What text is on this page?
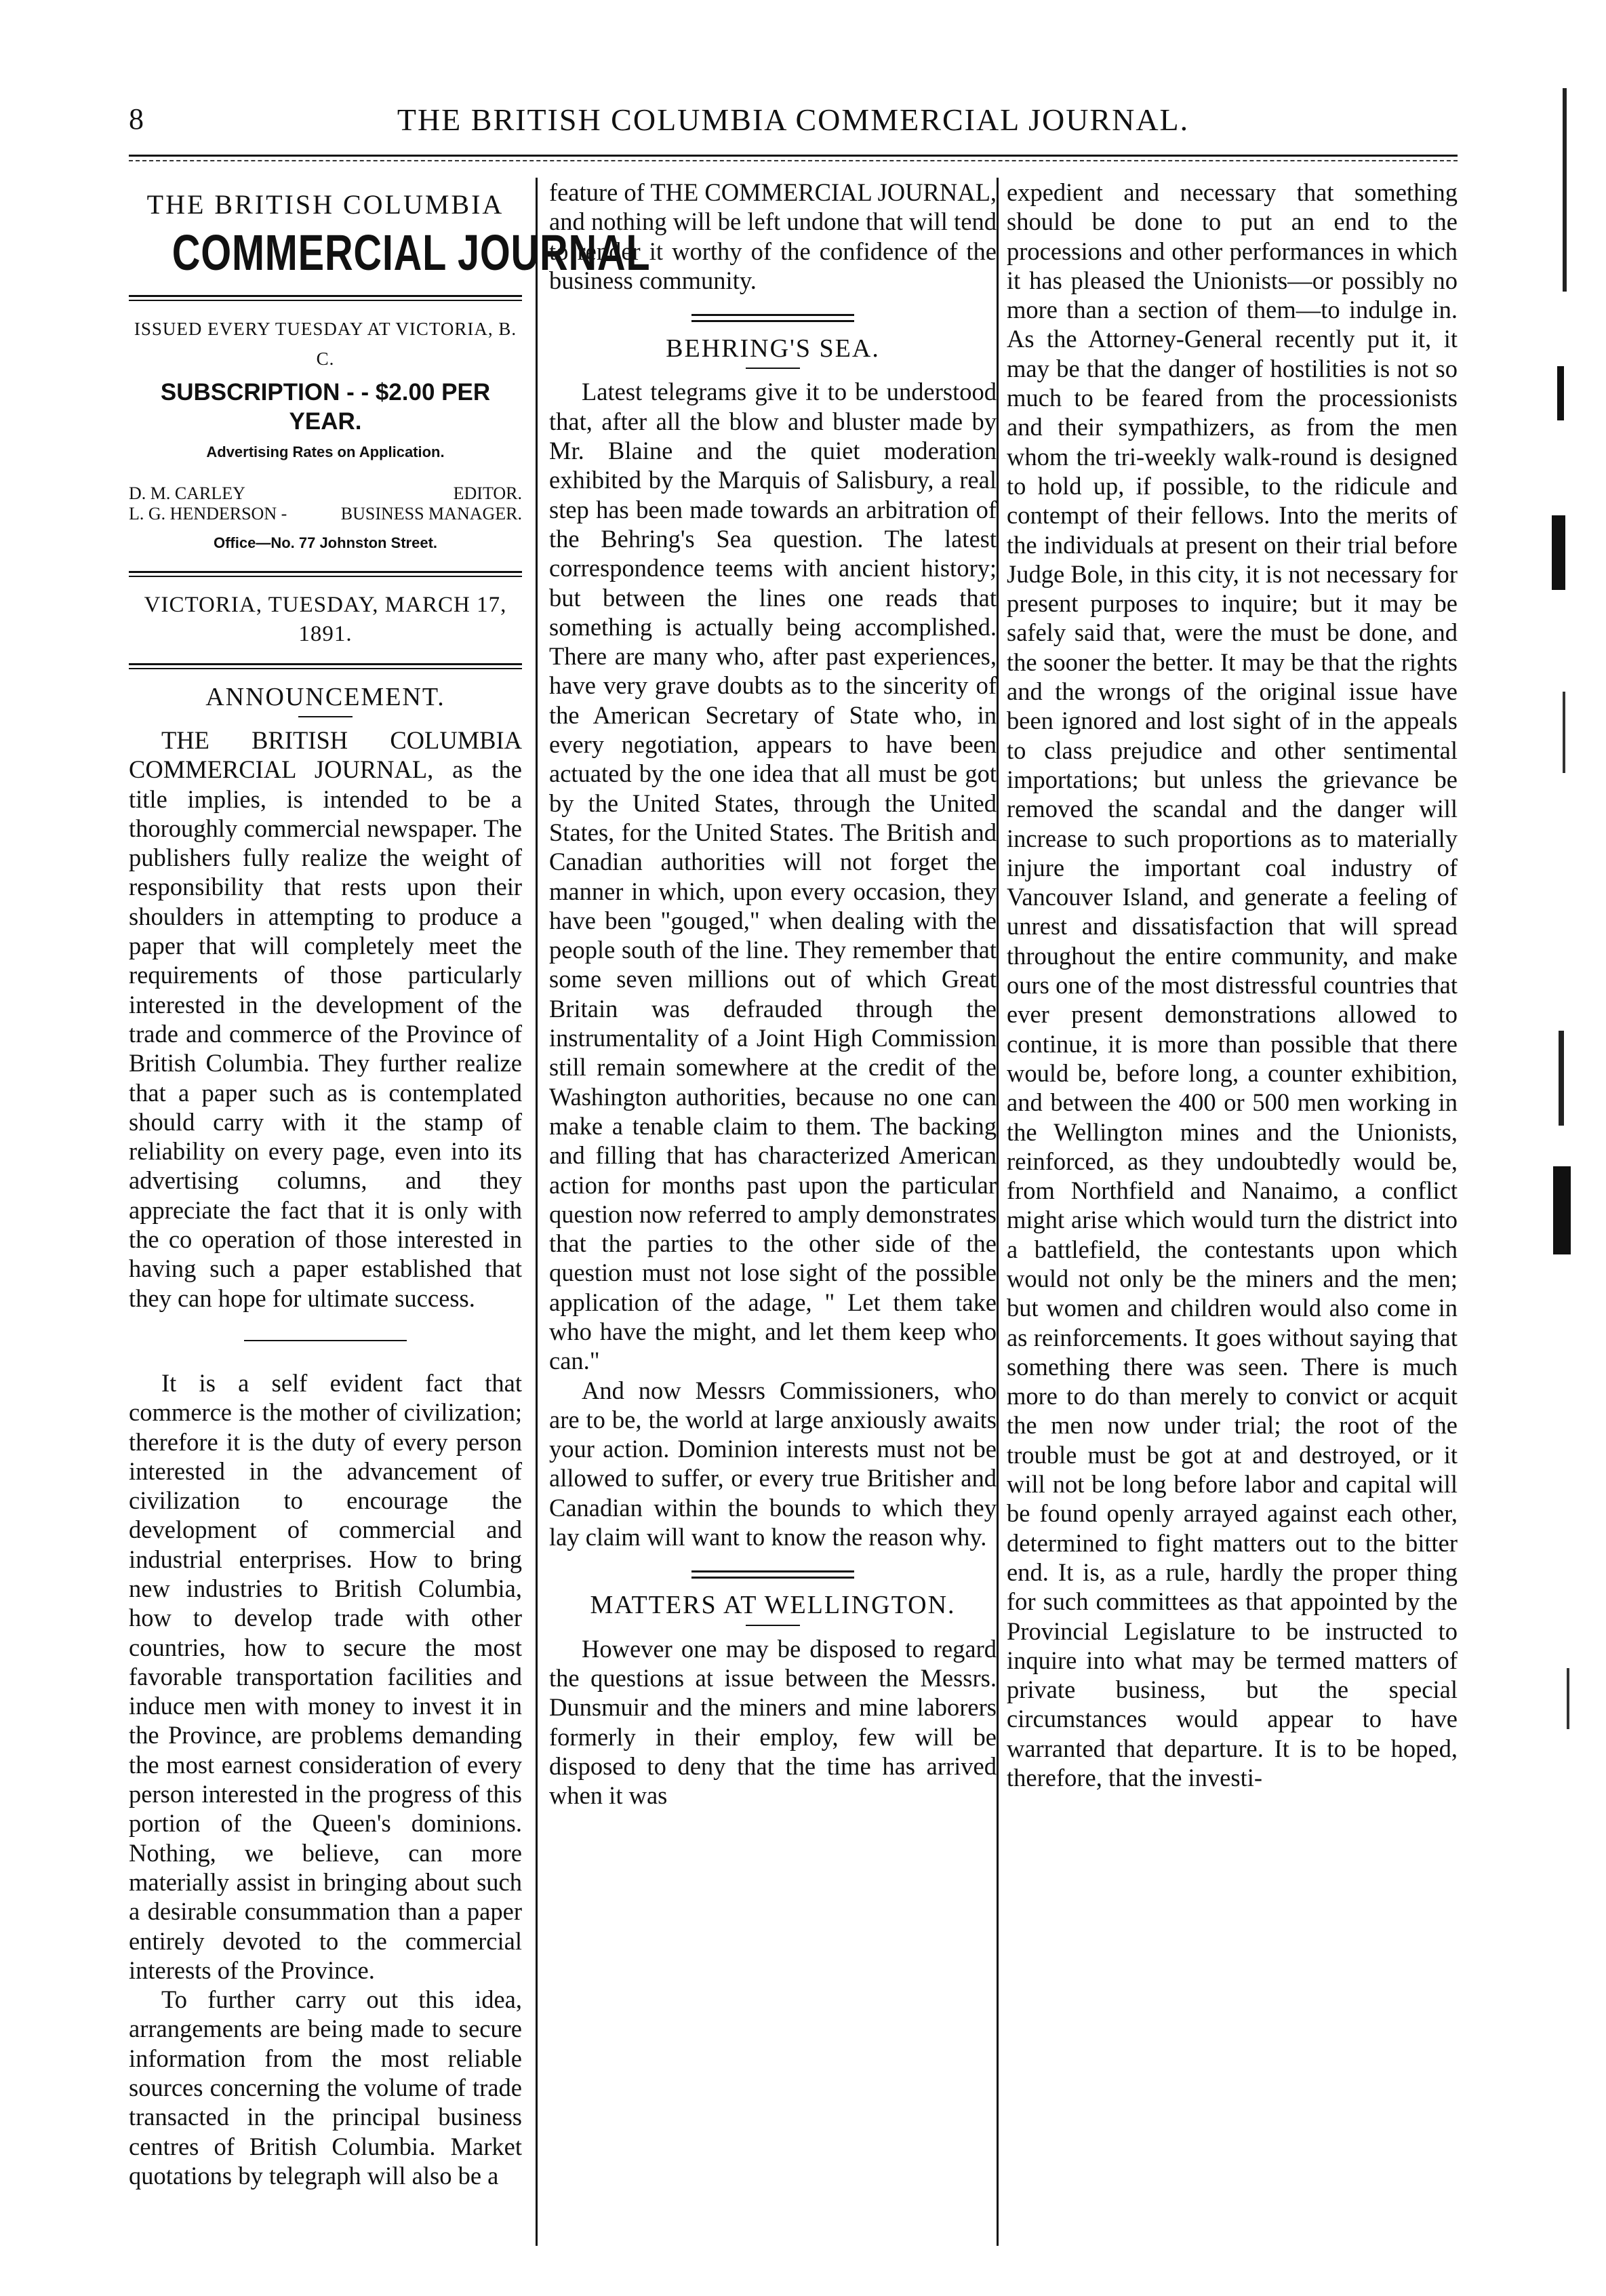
8	THE BRITISH COLUMBIA COMMERCIAL JOURNAL.
THE BRITISH COLUMBIA
COMMERCIAL JOURNAL
ISSUED EVERY TUESDAY AT VICTORIA, B. C.
SUBSCRIPTION - - $2.00 PER YEAR.
Advertising Rates on Application.
D. M. CARLEY	EDITOR.
L. G. HENDERSON -	BUSINESS MANAGER.
Office—No. 77 Johnston Street.
VICTORIA, TUESDAY, MARCH 17, 1891.
ANNOUNCEMENT.

THE BRITISH COLUMBIA COMMERCIAL JOURNAL, as the title implies, is intended to be a thoroughly commercial newspaper. The publishers fully realize the weight of responsibility that rests upon their shoulders in attempting to produce a paper that will completely meet the requirements of those particularly interested in the development of the trade and commerce of the Province of British Columbia. They further realize that a paper such as is contemplated should carry with it the stamp of reliability on every page, even into its advertising columns, and they appreciate the fact that it is only with the co operation of those interested in having such a paper established that they can hope for ultimate success.

It is a self evident fact that commerce is the mother of civilization; therefore it is the duty of every person interested in the advancement of civilization to encourage the development of commercial and industrial enterprises. How to bring new industries to British Columbia, how to develop trade with other countries, how to secure the most favorable transportation facilities and induce men with money to invest it in the Province, are problems demanding the most earnest consideration of every person interested in the progress of this portion of the Queen's dominions. Nothing, we believe, can more materially assist in bringing about such a desirable consummation than a paper entirely devoted to the commercial interests of the Province.

To further carry out this idea, arrangements are being made to secure information from the most reliable sources concerning the volume of trade transacted in the principal business centres of British Columbia. Market quotations by telegraph will also be a

feature of THE COMMERCIAL JOURNAL, and nothing will be left undone that will tend to render it worthy of the confidence of the business community.

BEHRING'S SEA.

Latest telegrams give it to be understood that, after all the blow and bluster made by Mr. Blaine and the quiet moderation exhibited by the Marquis of Salisbury, a real step has been made towards an arbitration of the Behring's Sea question. The latest correspondence teems with ancient history; but between the lines one reads that something is actually being accomplished. There are many who, after past experiences, have very grave doubts as to the sincerity of the American Secretary of State who, in every negotiation, appears to have been actuated by the one idea that all must be got by the United States, through the United States, for the United States. The British and Canadian authorities will not forget the manner in which, upon every occasion, they have been "gouged," when dealing with the people south of the line. They remember that some seven millions out of which Great Britain was defrauded through the instrumentality of a Joint High Commission still remain somewhere at the credit of the Washington authorities, because no one can make a tenable claim to them. The backing and filling that has characterized American action for months past upon the particular question now referred to amply demonstrates that the parties to the other side of the question must not lose sight of the possible application of the adage, " Let them take who have the might, and let them keep who can."

And now Messrs Commissioners, who are to be, the world at large anxiously awaits your action. Dominion interests must not be allowed to suffer, or every true Britisher and Canadian within the bounds to which they lay claim will want to know the reason why.

MATTERS AT WELLINGTON.

However one may be disposed to regard the questions at issue between the Messrs. Dunsmuir and the miners and mine laborers formerly in their employ, few will be disposed to deny that the time has arrived when it was

expedient and necessary that something should be done to put an end to the processions and other performances in which it has pleased the Unionists—or possibly no more than a section of them—to indulge in. As the Attorney-General recently put it, it may be that the danger of hostilities is not so much to be feared from the processionists and their sympathizers, as from the men whom the tri-weekly walk-round is designed to hold up, if possible, to the ridicule and contempt of their fellows. Into the merits of the individuals at present on their trial before Judge Bole, in this city, it is not necessary for present purposes to inquire; but it may be safely said that, were the must be done, and the sooner the better. It may be that the rights and the wrongs of the original issue have been ignored and lost sight of in the appeals to class prejudice and other sentimental importations; but unless the grievance be removed the scandal and the danger will increase to such proportions as to materially injure the important coal industry of Vancouver Island, and generate a feeling of unrest and dissatisfaction that will spread throughout the entire community, and make ours one of the most distressful countries that ever present demonstrations allowed to continue, it is more than possible that there would be, before long, a counter exhibition, and between the 400 or 500 men working in the Wellington mines and the Unionists, reinforced, as they undoubtedly would be, from Northfield and Nanaimo, a conflict might arise which would turn the district into a battlefield, the contestants upon which would not only be the miners and the men; but women and children would also come in as reinforcements. It goes without saying that something there was seen. There is much more to do than merely to convict or acquit the men now under trial; the root of the trouble must be got at and destroyed, or it will not be long before labor and capital will be found openly arrayed against each other, determined to fight matters out to the bitter end. It is, as a rule, hardly the proper thing for such committees as that appointed by the Provincial Legislature to be instructed to inquire into what may be termed matters of private business, but the special circumstances would appear to have warranted that departure. It is to be hoped, therefore, that the investi-
